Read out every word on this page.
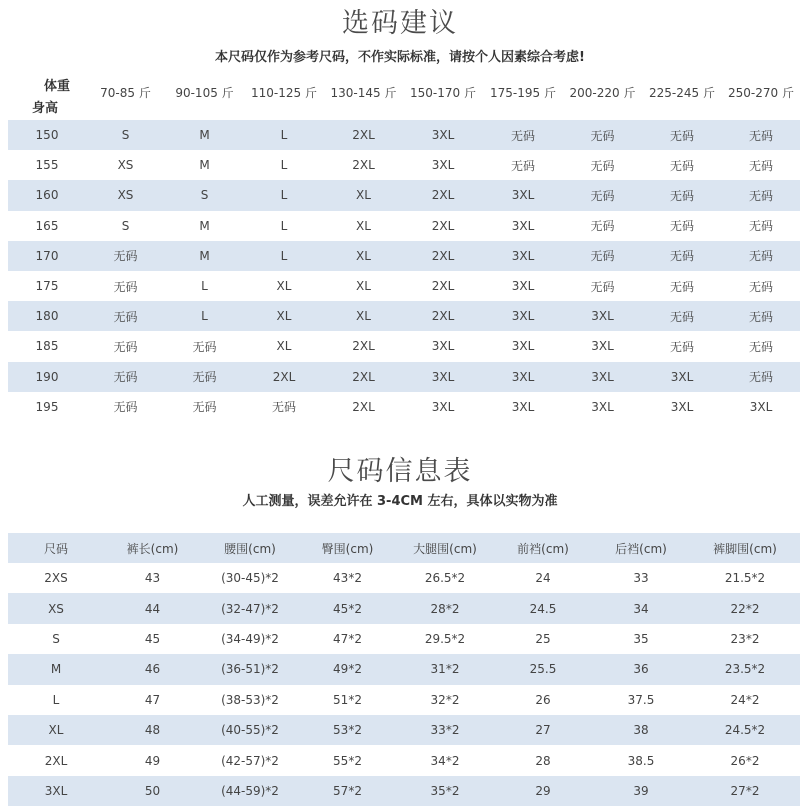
选码建议
本尺码仅作为参考尺码，不作实际标准，请按个人因素综合考虑!
体重
身高	70-85 斤	90-105 斤	110-125 斤	130-145 斤	150-170 斤	175-195 斤	200-220 斤	225-245 斤	250-270 斤
150	S	M	L	2XL	3XL	无码	无码	无码	无码
155	XS	M	L	2XL	3XL	无码	无码	无码	无码
160	XS	S	L	XL	2XL	3XL	无码	无码	无码
165	S	M	L	XL	2XL	3XL	无码	无码	无码
170	无码	M	L	XL	2XL	3XL	无码	无码	无码
175	无码	L	XL	XL	2XL	3XL	无码	无码	无码
180	无码	L	XL	XL	2XL	3XL	3XL	无码	无码
185	无码	无码	XL	2XL	3XL	3XL	3XL	无码	无码
190	无码	无码	2XL	2XL	3XL	3XL	3XL	3XL	无码
195	无码	无码	无码	2XL	3XL	3XL	3XL	3XL	3XL
尺码信息表
人工测量，误差允许在 3-4CM 左右，具体以实物为准
尺码	裤长(cm)	腰围(cm)	臀围(cm)	大腿围(cm)	前裆(cm)	后裆(cm)	裤脚围(cm)
2XS	43	(30-45)*2	43*2	26.5*2	24	33	21.5*2
XS	44	(32-47)*2	45*2	28*2	24.5	34	22*2
S	45	(34-49)*2	47*2	29.5*2	25	35	23*2
M	46	(36-51)*2	49*2	31*2	25.5	36	23.5*2
L	47	(38-53)*2	51*2	32*2	26	37.5	24*2
XL	48	(40-55)*2	53*2	33*2	27	38	24.5*2
2XL	49	(42-57)*2	55*2	34*2	28	38.5	26*2
3XL	50	(44-59)*2	57*2	35*2	29	39	27*2
